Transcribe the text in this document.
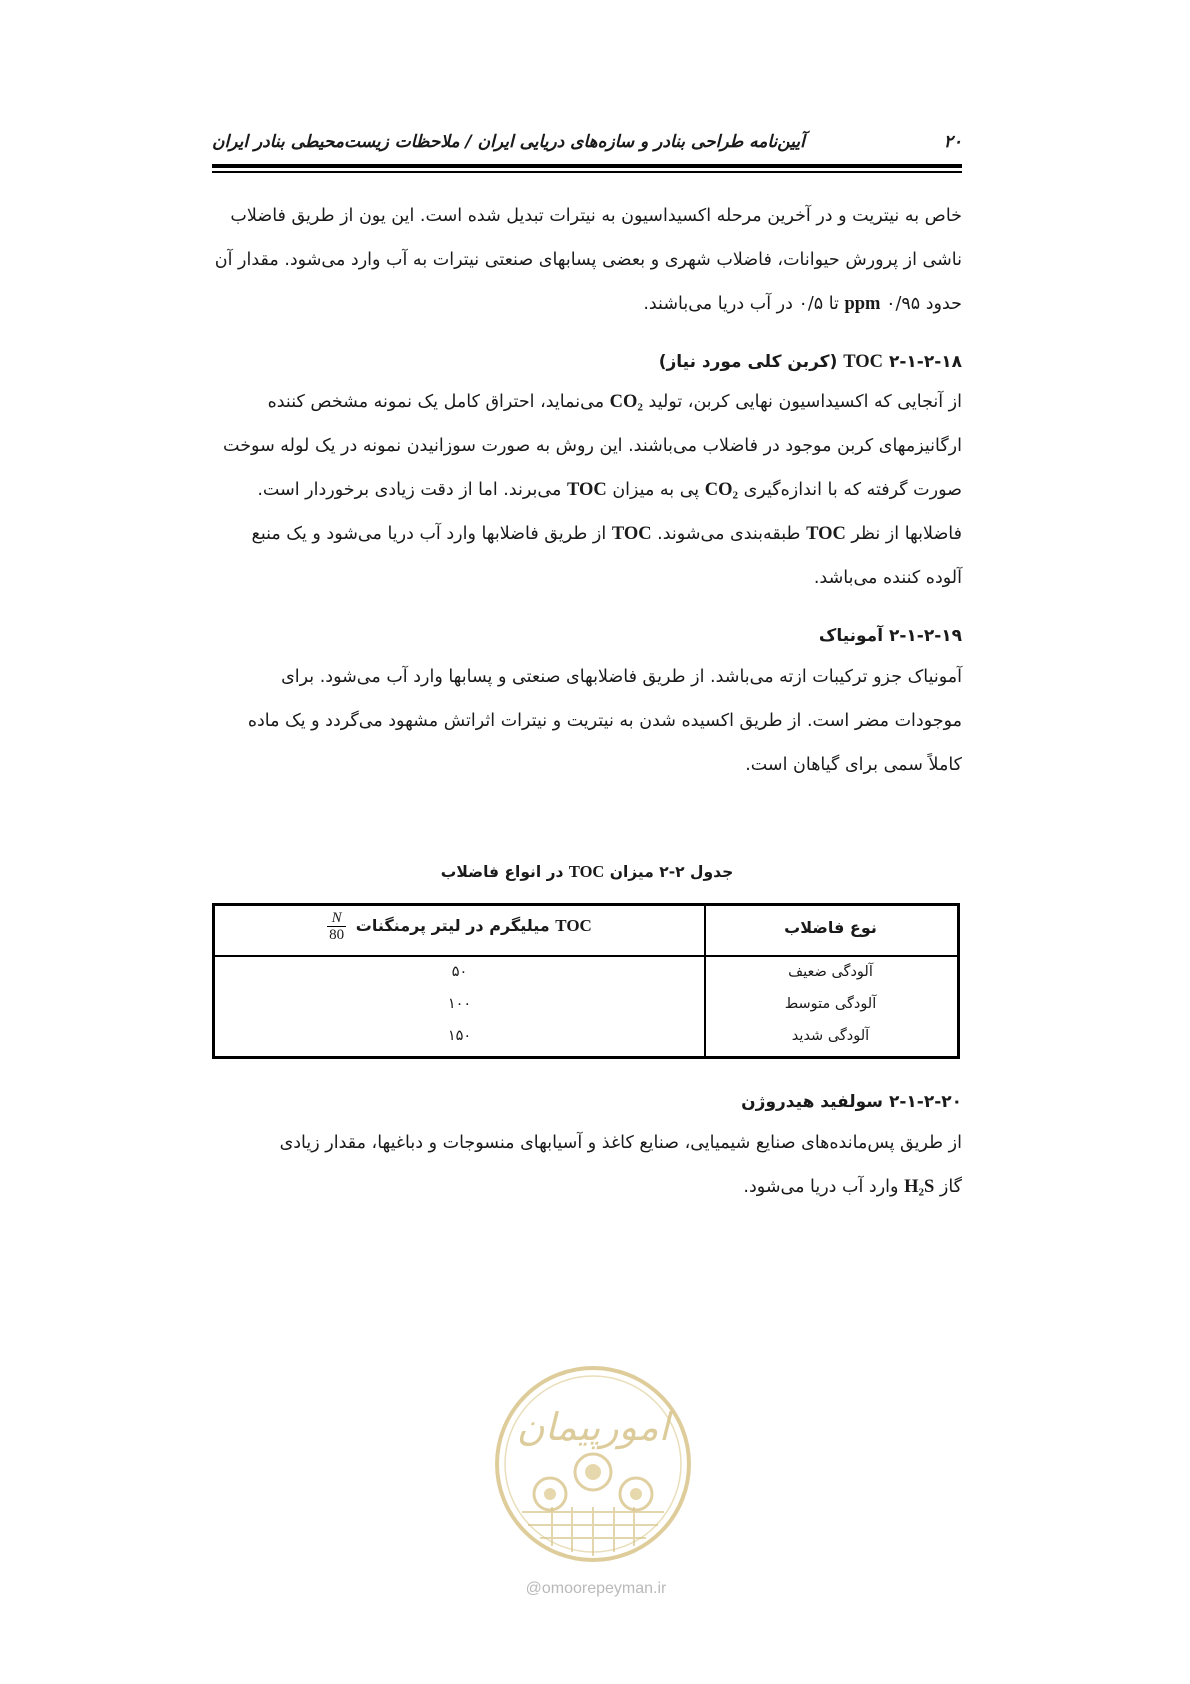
۲۰
آیین‌نامه طراحی بنادر و سازه‌های دریایی ایران / ملاحظات زیست‌محیطی بنادر ایران
خاص به نیتریت و در آخرین مرحله اکسیداسیون به نیترات تبدیل شده است. این یون از طریق فاضلاب
ناشی از پرورش حیوانات، فاضلاب شهری و بعضی پسابهای صنعتی نیترات به آب وارد می‌شود. مقدار آن
حدود ppm ۰/۹۵ تا ۰/۵ در آب دریا می‌باشند.
۲-۱-۲-۱۸ TOC (کربن کلی مورد نیاز)
از آنجایی که اکسیداسیون نهایی کربن، تولید CO₂ می‌نماید، احتراق کامل یک نمونه مشخص کننده
ارگانیزمهای کربن موجود در فاضلاب می‌باشند. این روش به صورت سوزانیدن نمونه در یک لوله سوخت
صورت گرفته که با اندازه‌گیری CO₂ پی به میزان TOC می‌برند. اما از دقت زیادی برخوردار است.
فاضلابها از نظر TOC طبقه‌بندی می‌شوند. TOC از طریق فاضلابها وارد آب دریا می‌شود و یک منبع
آلوده کننده می‌باشد.
۲-۱-۲-۱۹ آمونیاک
آمونیاک جزو ترکیبات ازته می‌باشد. از طریق فاضلابهای صنعتی و پسابها وارد آب می‌شود. برای
موجودات مضر است. از طریق اکسیده شدن به نیتریت و نیترات اثراتش مشهود می‌گردد و یک ماده
کاملاً سمی برای گیاهان است.
جدول ۲-۲ میزان TOC در انواع فاضلاب
نوع فاضلاب
TOC میلیگرم در لیتر پرمنگنات
$\frac{N}{80}$
آلودگی ضعیف
۵۰
آلودگی متوسط
۱۰۰
آلودگی شدید
۱۵۰
۲-۱-۲-۲۰ سولفید هیدروژن
از طریق پس‌مانده‌های صنایع شیمیایی، صنایع کاغذ و آسیابهای منسوجات و دباغیها، مقدار زیادی
گاز H₂S وارد آب دریا می‌شود.
امورپیمان
@omoorepeyman.ir
